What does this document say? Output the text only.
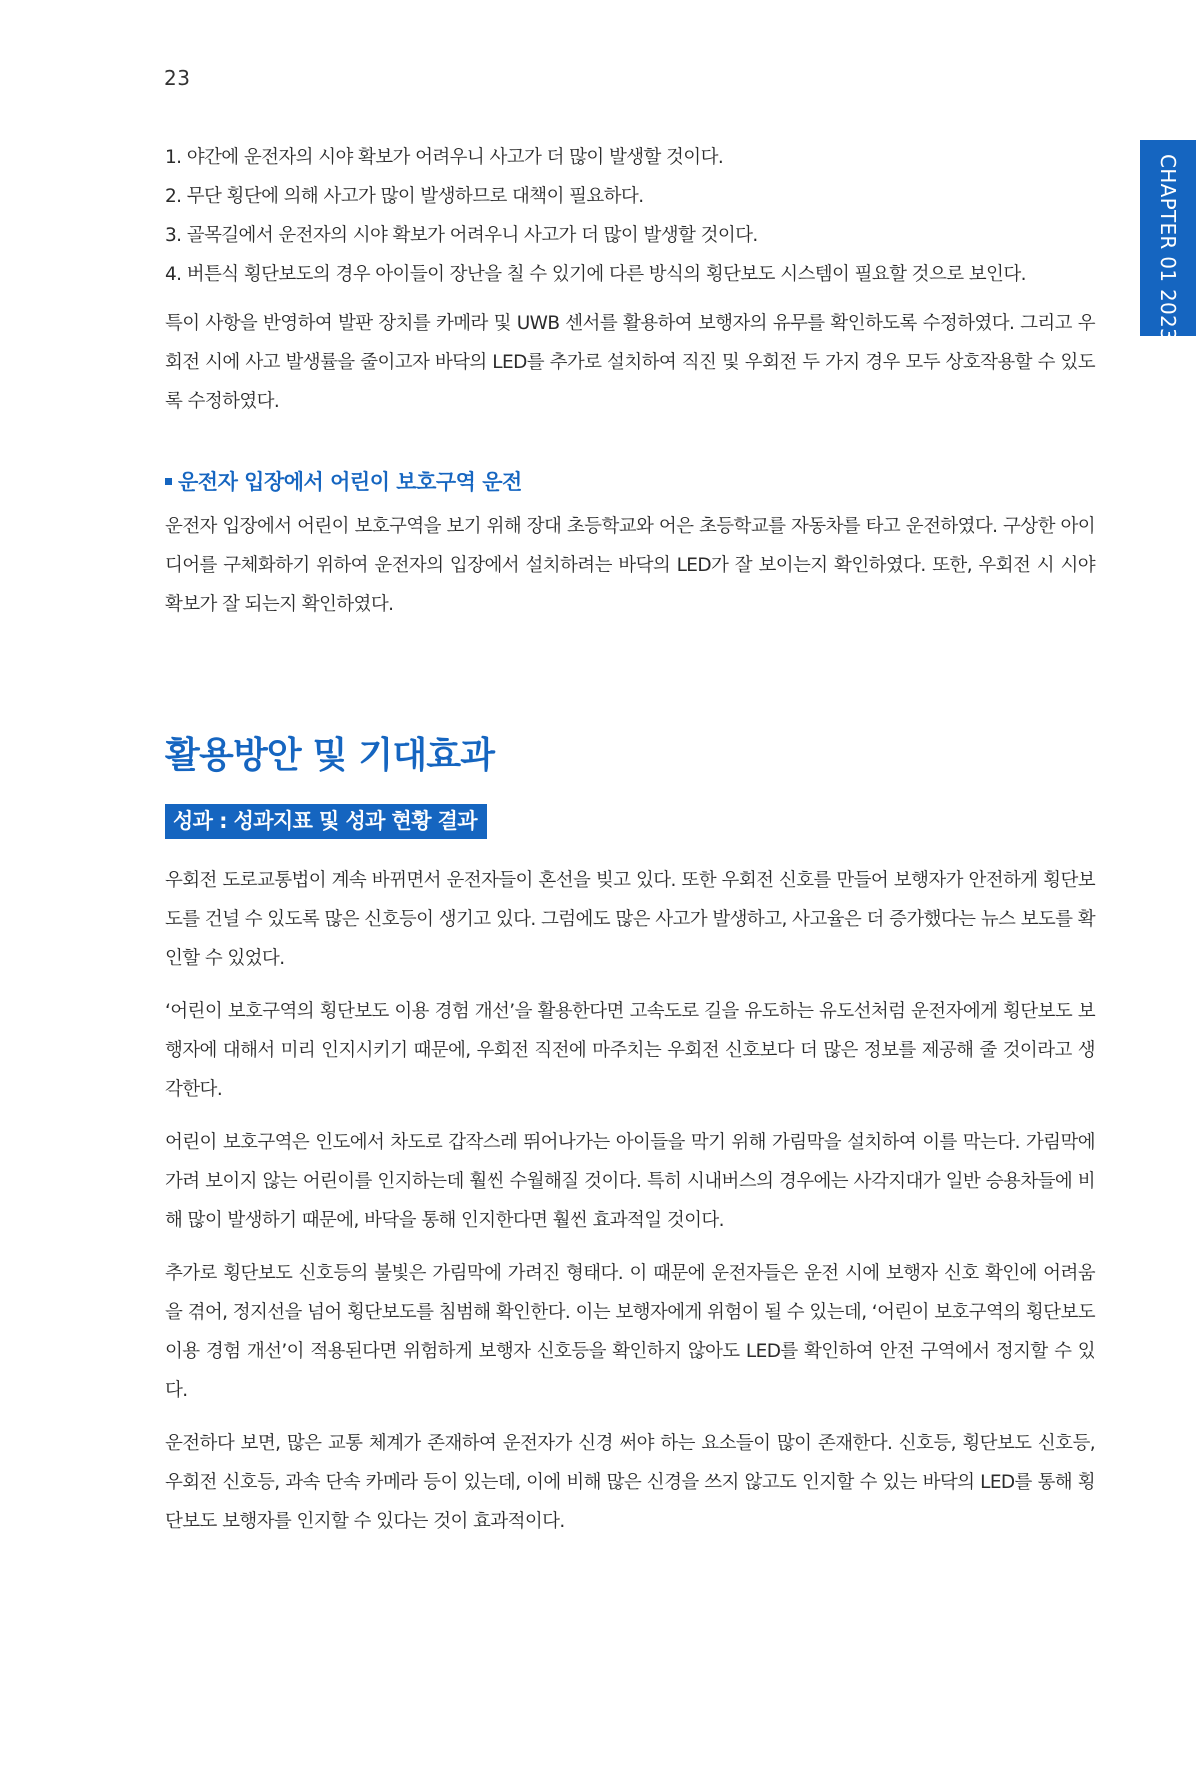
23
CHAPTER 01 2023
1. 야간에 운전자의 시야 확보가 어려우니 사고가 더 많이 발생할 것이다.
2. 무단 횡단에 의해 사고가 많이 발생하므로 대책이 필요하다.
3. 골목길에서 운전자의 시야 확보가 어려우니 사고가 더 많이 발생할 것이다.
4. 버튼식 횡단보도의 경우 아이들이 장난을 칠 수 있기에 다른 방식의 횡단보도 시스템이 필요할 것으로 보인다.

특이 사항을 반영하여 발판 장치를 카메라 및 UWB 센서를 활용하여 보행자의 유무를 확인하도록 수정하였다. 그리고 우회전 시에 사고 발생률을 줄이고자 바닥의 LED를 추가로 설치하여 직진 및 우회전 두 가지 경우 모두 상호작용할 수 있도록 수정하였다.

운전자 입장에서 어린이 보호구역 운전

운전자 입장에서 어린이 보호구역을 보기 위해 장대 초등학교와 어은 초등학교를 자동차를 타고 운전하였다. 구상한 아이디어를 구체화하기 위하여 운전자의 입장에서 설치하려는 바닥의 LED가 잘 보이는지 확인하였다. 또한, 우회전 시 시야 확보가 잘 되는지 확인하였다.

활용방안 및 기대효과
성과 : 성과지표 및 성과 현황 결과

우회전 도로교통법이 계속 바뀌면서 운전자들이 혼선을 빚고 있다. 또한 우회전 신호를 만들어 보행자가 안전하게 횡단보도를 건널 수 있도록 많은 신호등이 생기고 있다. 그럼에도 많은 사고가 발생하고, 사고율은 더 증가했다는 뉴스 보도를 확인할 수 있었다.

‘어린이 보호구역의 횡단보도 이용 경험 개선’을 활용한다면 고속도로 길을 유도하는 유도선처럼 운전자에게 횡단보도 보행자에 대해서 미리 인지시키기 때문에, 우회전 직전에 마주치는 우회전 신호보다 더 많은 정보를 제공해 줄 것이라고 생각한다.

어린이 보호구역은 인도에서 차도로 갑작스레 뛰어나가는 아이들을 막기 위해 가림막을 설치하여 이를 막는다. 가림막에 가려 보이지 않는 어린이를 인지하는데 훨씬 수월해질 것이다. 특히 시내버스의 경우에는 사각지대가 일반 승용차들에 비해 많이 발생하기 때문에, 바닥을 통해 인지한다면 훨씬 효과적일 것이다.

추가로 횡단보도 신호등의 불빛은 가림막에 가려진 형태다. 이 때문에 운전자들은 운전 시에 보행자 신호 확인에 어려움을 겪어, 정지선을 넘어 횡단보도를 침범해 확인한다. 이는 보행자에게 위험이 될 수 있는데, ‘어린이 보호구역의 횡단보도 이용 경험 개선’이 적용된다면 위험하게 보행자 신호등을 확인하지 않아도 LED를 확인하여 안전 구역에서 정지할 수 있다.

운전하다 보면, 많은 교통 체계가 존재하여 운전자가 신경 써야 하는 요소들이 많이 존재한다. 신호등, 횡단보도 신호등, 우회전 신호등, 과속 단속 카메라 등이 있는데, 이에 비해 많은 신경을 쓰지 않고도 인지할 수 있는 바닥의 LED를 통해 횡단보도 보행자를 인지할 수 있다는 것이 효과적이다.
